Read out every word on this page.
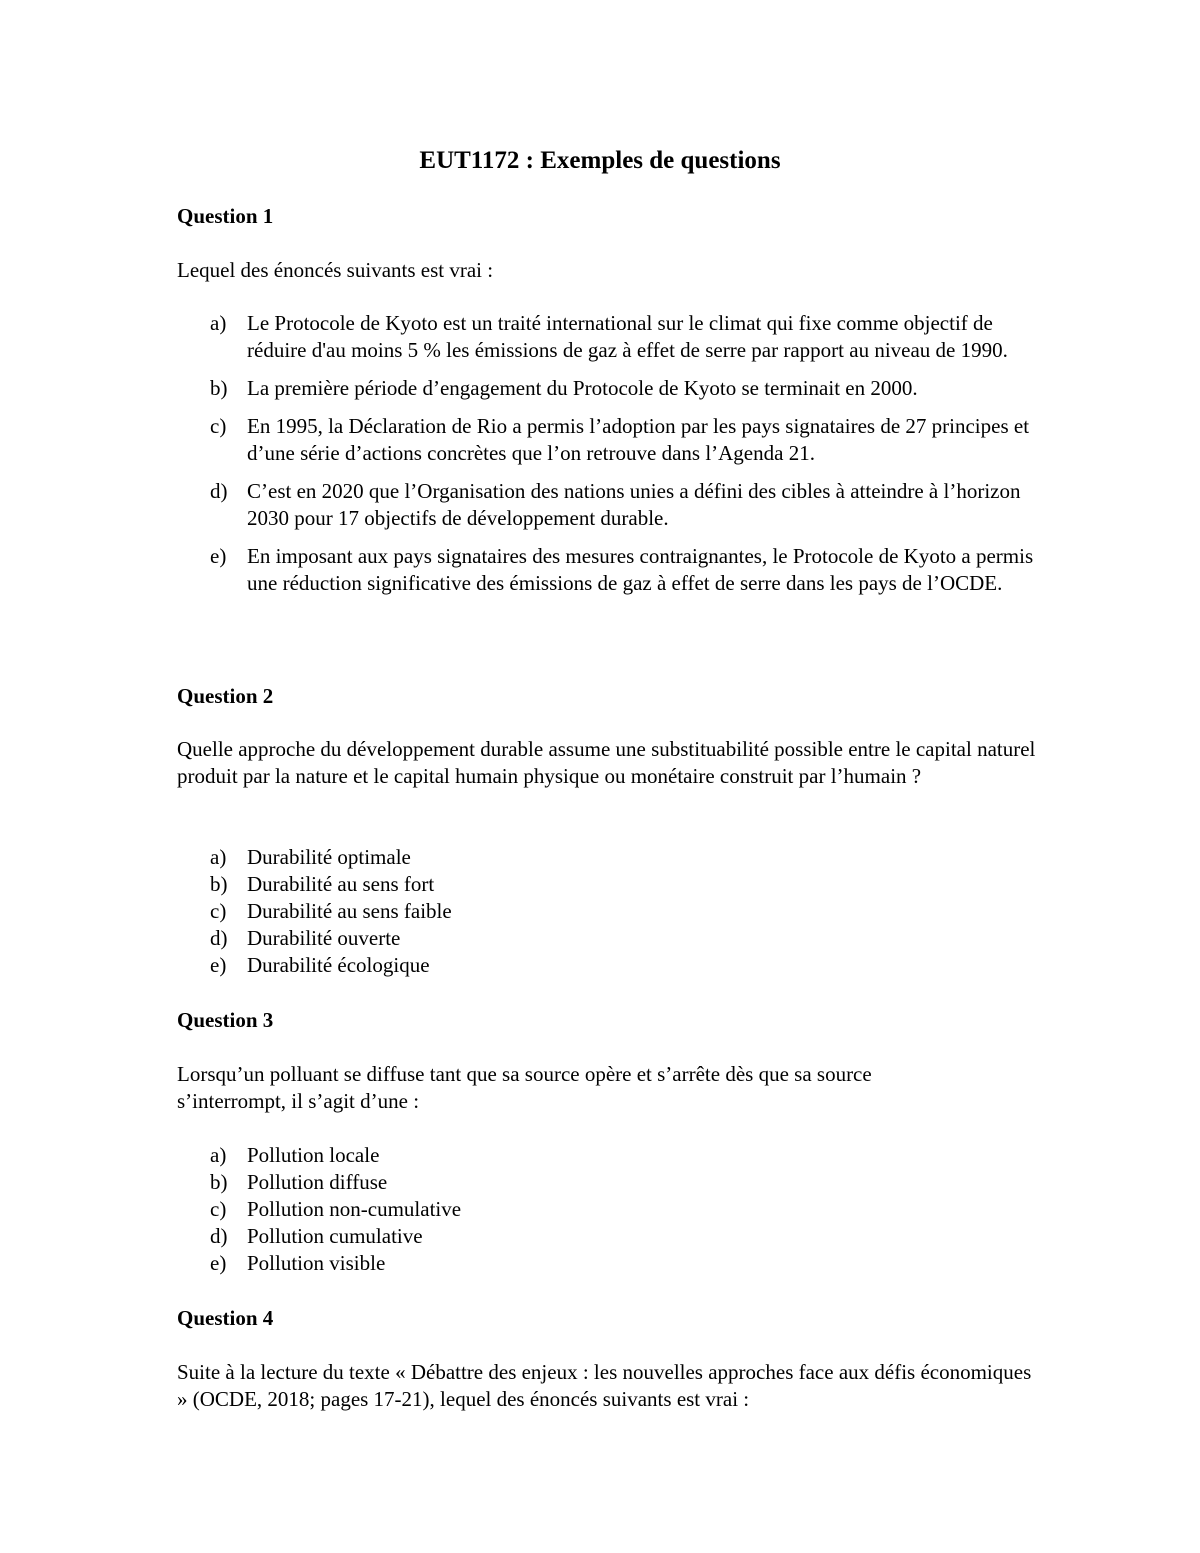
EUT1172 : Exemples de questions
Question 1

Lequel des énoncés suivants est vrai :

a) Le Protocole de Kyoto est un traité international sur le climat qui fixe comme objectif de réduire d'au moins 5 % les émissions de gaz à effet de serre par rapport au niveau de 1990.
b) La première période d’engagement du Protocole de Kyoto se terminait en 2000.
c) En 1995, la Déclaration de Rio a permis l’adoption par les pays signataires de 27 principes et d’une série d’actions concrètes que l’on retrouve dans l’Agenda 21.
d) C’est en 2020 que l’Organisation des nations unies a défini des cibles à atteindre à l’horizon 2030 pour 17 objectifs de développement durable.
e) En imposant aux pays signataires des mesures contraignantes, le Protocole de Kyoto a permis une réduction significative des émissions de gaz à effet de serre dans les pays de l’OCDE.
Question 2

Quelle approche du développement durable assume une substituabilité possible entre le capital naturel produit par la nature et le capital humain physique ou monétaire construit par l’humain ?

a) Durabilité optimale
b) Durabilité au sens fort
c) Durabilité au sens faible
d) Durabilité ouverte
e) Durabilité écologique
Question 3

Lorsqu’un polluant se diffuse tant que sa source opère et s’arrête dès que sa source s’interrompt, il s’agit d’une :

a) Pollution locale
b) Pollution diffuse
c) Pollution non-cumulative
d) Pollution cumulative
e) Pollution visible
Question 4

Suite à la lecture du texte « Débattre des enjeux : les nouvelles approches face aux défis économiques » (OCDE, 2018; pages 17-21), lequel des énoncés suivants est vrai :
